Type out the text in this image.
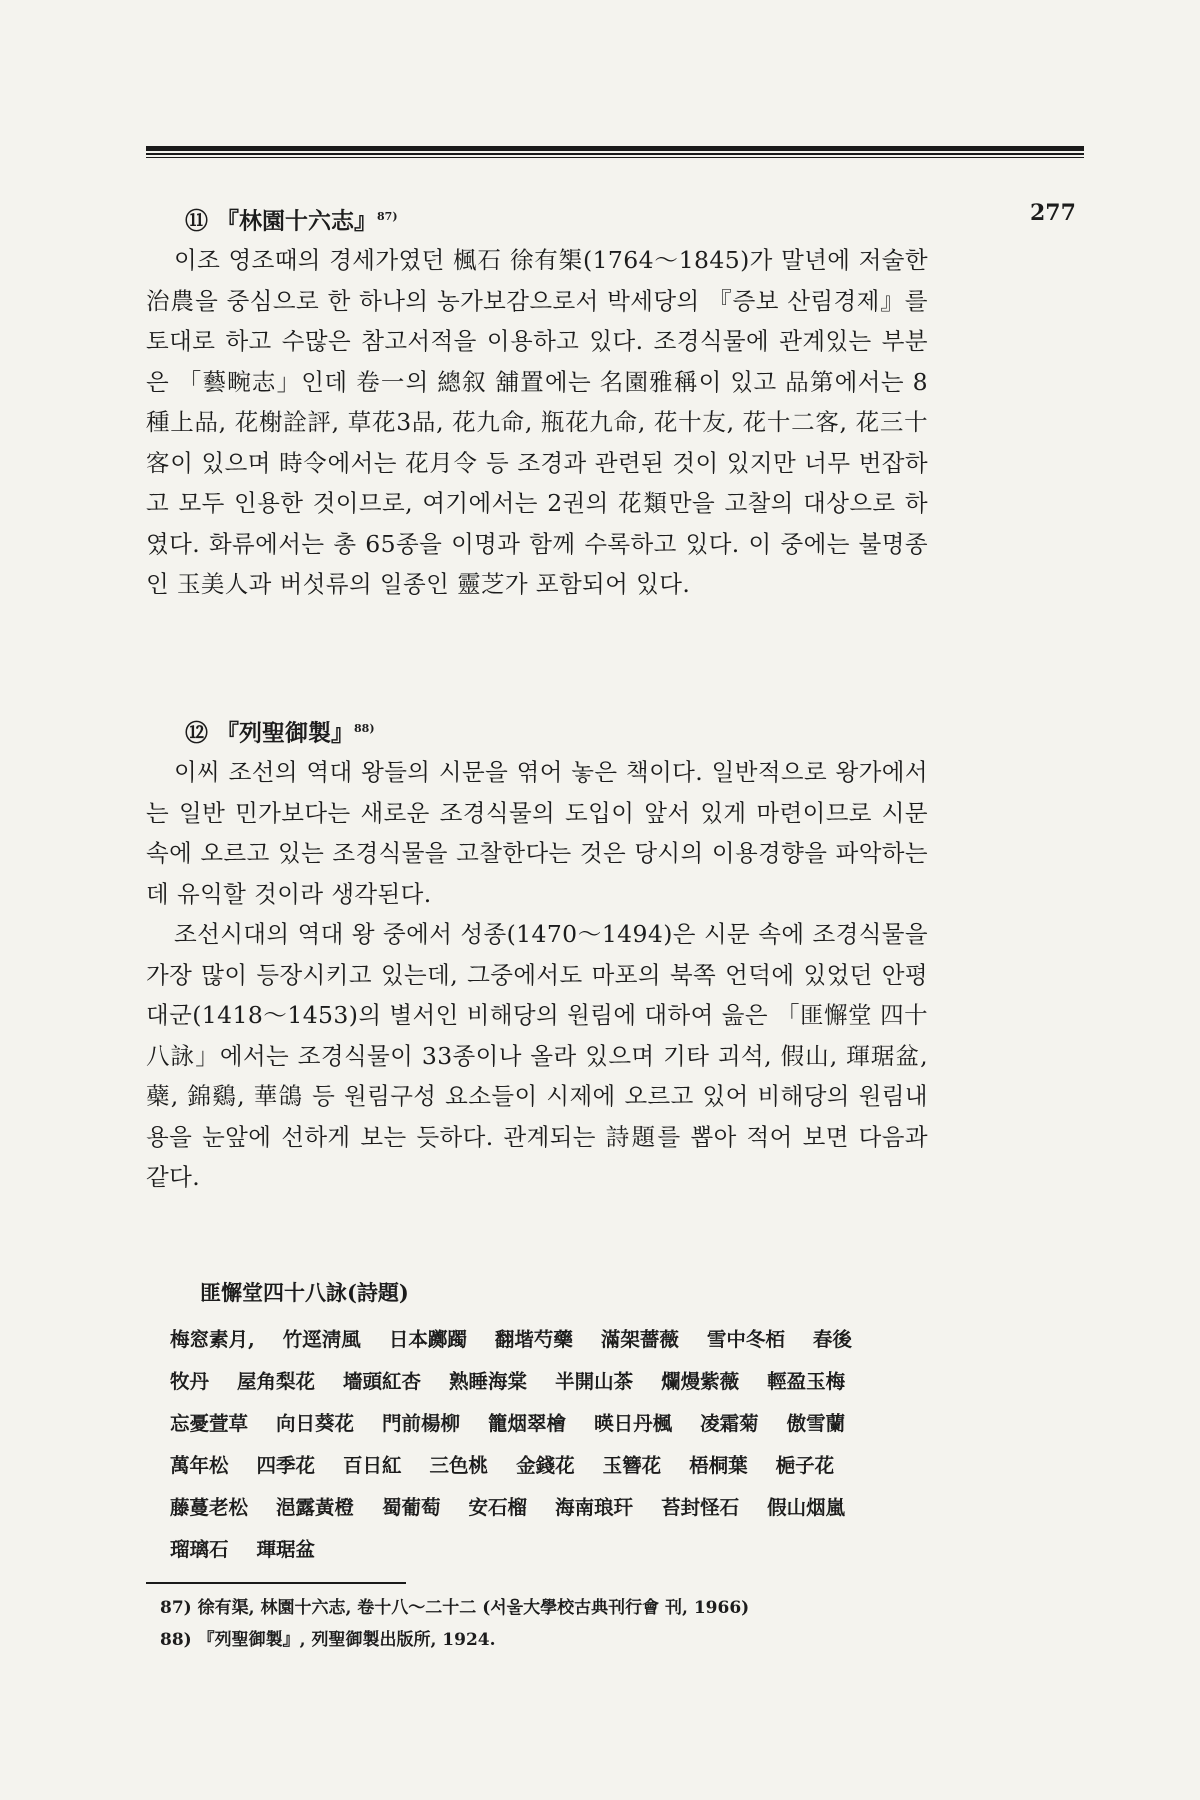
277
⑪ 『林園十六志』$^{87)}$

이조 영조때의 경세가였던 楓石 徐有榘(1764～1845)가 말년에 저술한 治農을 중심으로 한 하나의 농가보감으로서 박세당의 『증보 산림경제』를 토대로 하고 수많은 참고서적을 이용하고 있다. 조경식물에 관계있는 부분은 「藝畹志」인데 卷一의 總叙 舖置에는 名園雅稱이 있고 品第에서는 8種上品, 花榭詮評, 草花3品, 花九命, 瓶花九命, 花十友, 花十二客, 花三十客이 있으며 時令에서는 花月令 등 조경과 관련된 것이 있지만 너무 번잡하고 모두 인용한 것이므로, 여기에서는 2권의 花類만을 고찰의 대상으로 하였다. 화류에서는 총 65종을 이명과 함께 수록하고 있다. 이 중에는 불명종인 玉美人과 버섯류의 일종인 靈芝가 포함되어 있다.

⑫ 『列聖御製』$^{88)}$

이씨 조선의 역대 왕들의 시문을 엮어 놓은 책이다. 일반적으로 왕가에서는 일반 민가보다는 새로운 조경식물의 도입이 앞서 있게 마련이므로 시문 속에 오르고 있는 조경식물을 고찰한다는 것은 당시의 이용경향을 파악하는 데 유익할 것이라 생각된다.

조선시대의 역대 왕 중에서 성종(1470～1494)은 시문 속에 조경식물을 가장 많이 등장시키고 있는데, 그중에서도 마포의 북쪽 언덕에 있었던 안평대군(1418～1453)의 별서인 비해당의 원림에 대하여 읊은 「匪懈堂 四十八詠」에서는 조경식물이 33종이나 올라 있으며 기타 괴석, 假山, 琿琚盆, 蘗, 錦鷄, 華鴿 등 원림구성 요소들이 시제에 오르고 있어 비해당의 원림내용을 눈앞에 선하게 보는 듯하다. 관계되는 詩題를 뽑아 적어 보면 다음과 같다.

匪懈堂四十八詠(詩題)
梅窓素月, 竹逕淸風 日本躑躅 翻堦芍藥 滿架薔薇 雪中冬栢 春後
牧丹 屋角梨花 墻頭紅杏 熟睡海棠 半開山茶 爛熳紫薇 輕盈玉梅
忘憂萱草 向日葵花 門前楊柳 籠烟翠檜 暎日丹楓 凌霜菊 傲雪蘭
萬年松 四季花 百日紅 三色桃 金錢花 玉簪花 梧桐葉 梔子花
藤蔓老松 浥露黃橙 蜀葡萄 安石榴 海南琅玕 苔封怪石 假山烟嵐
瑠璃石 琿琚盆
87) 徐有渠, 林園十六志, 卷十八～二十二 (서울大學校古典刊行會 刊, 1966)
88) 『列聖御製』, 列聖御製出版所, 1924.
